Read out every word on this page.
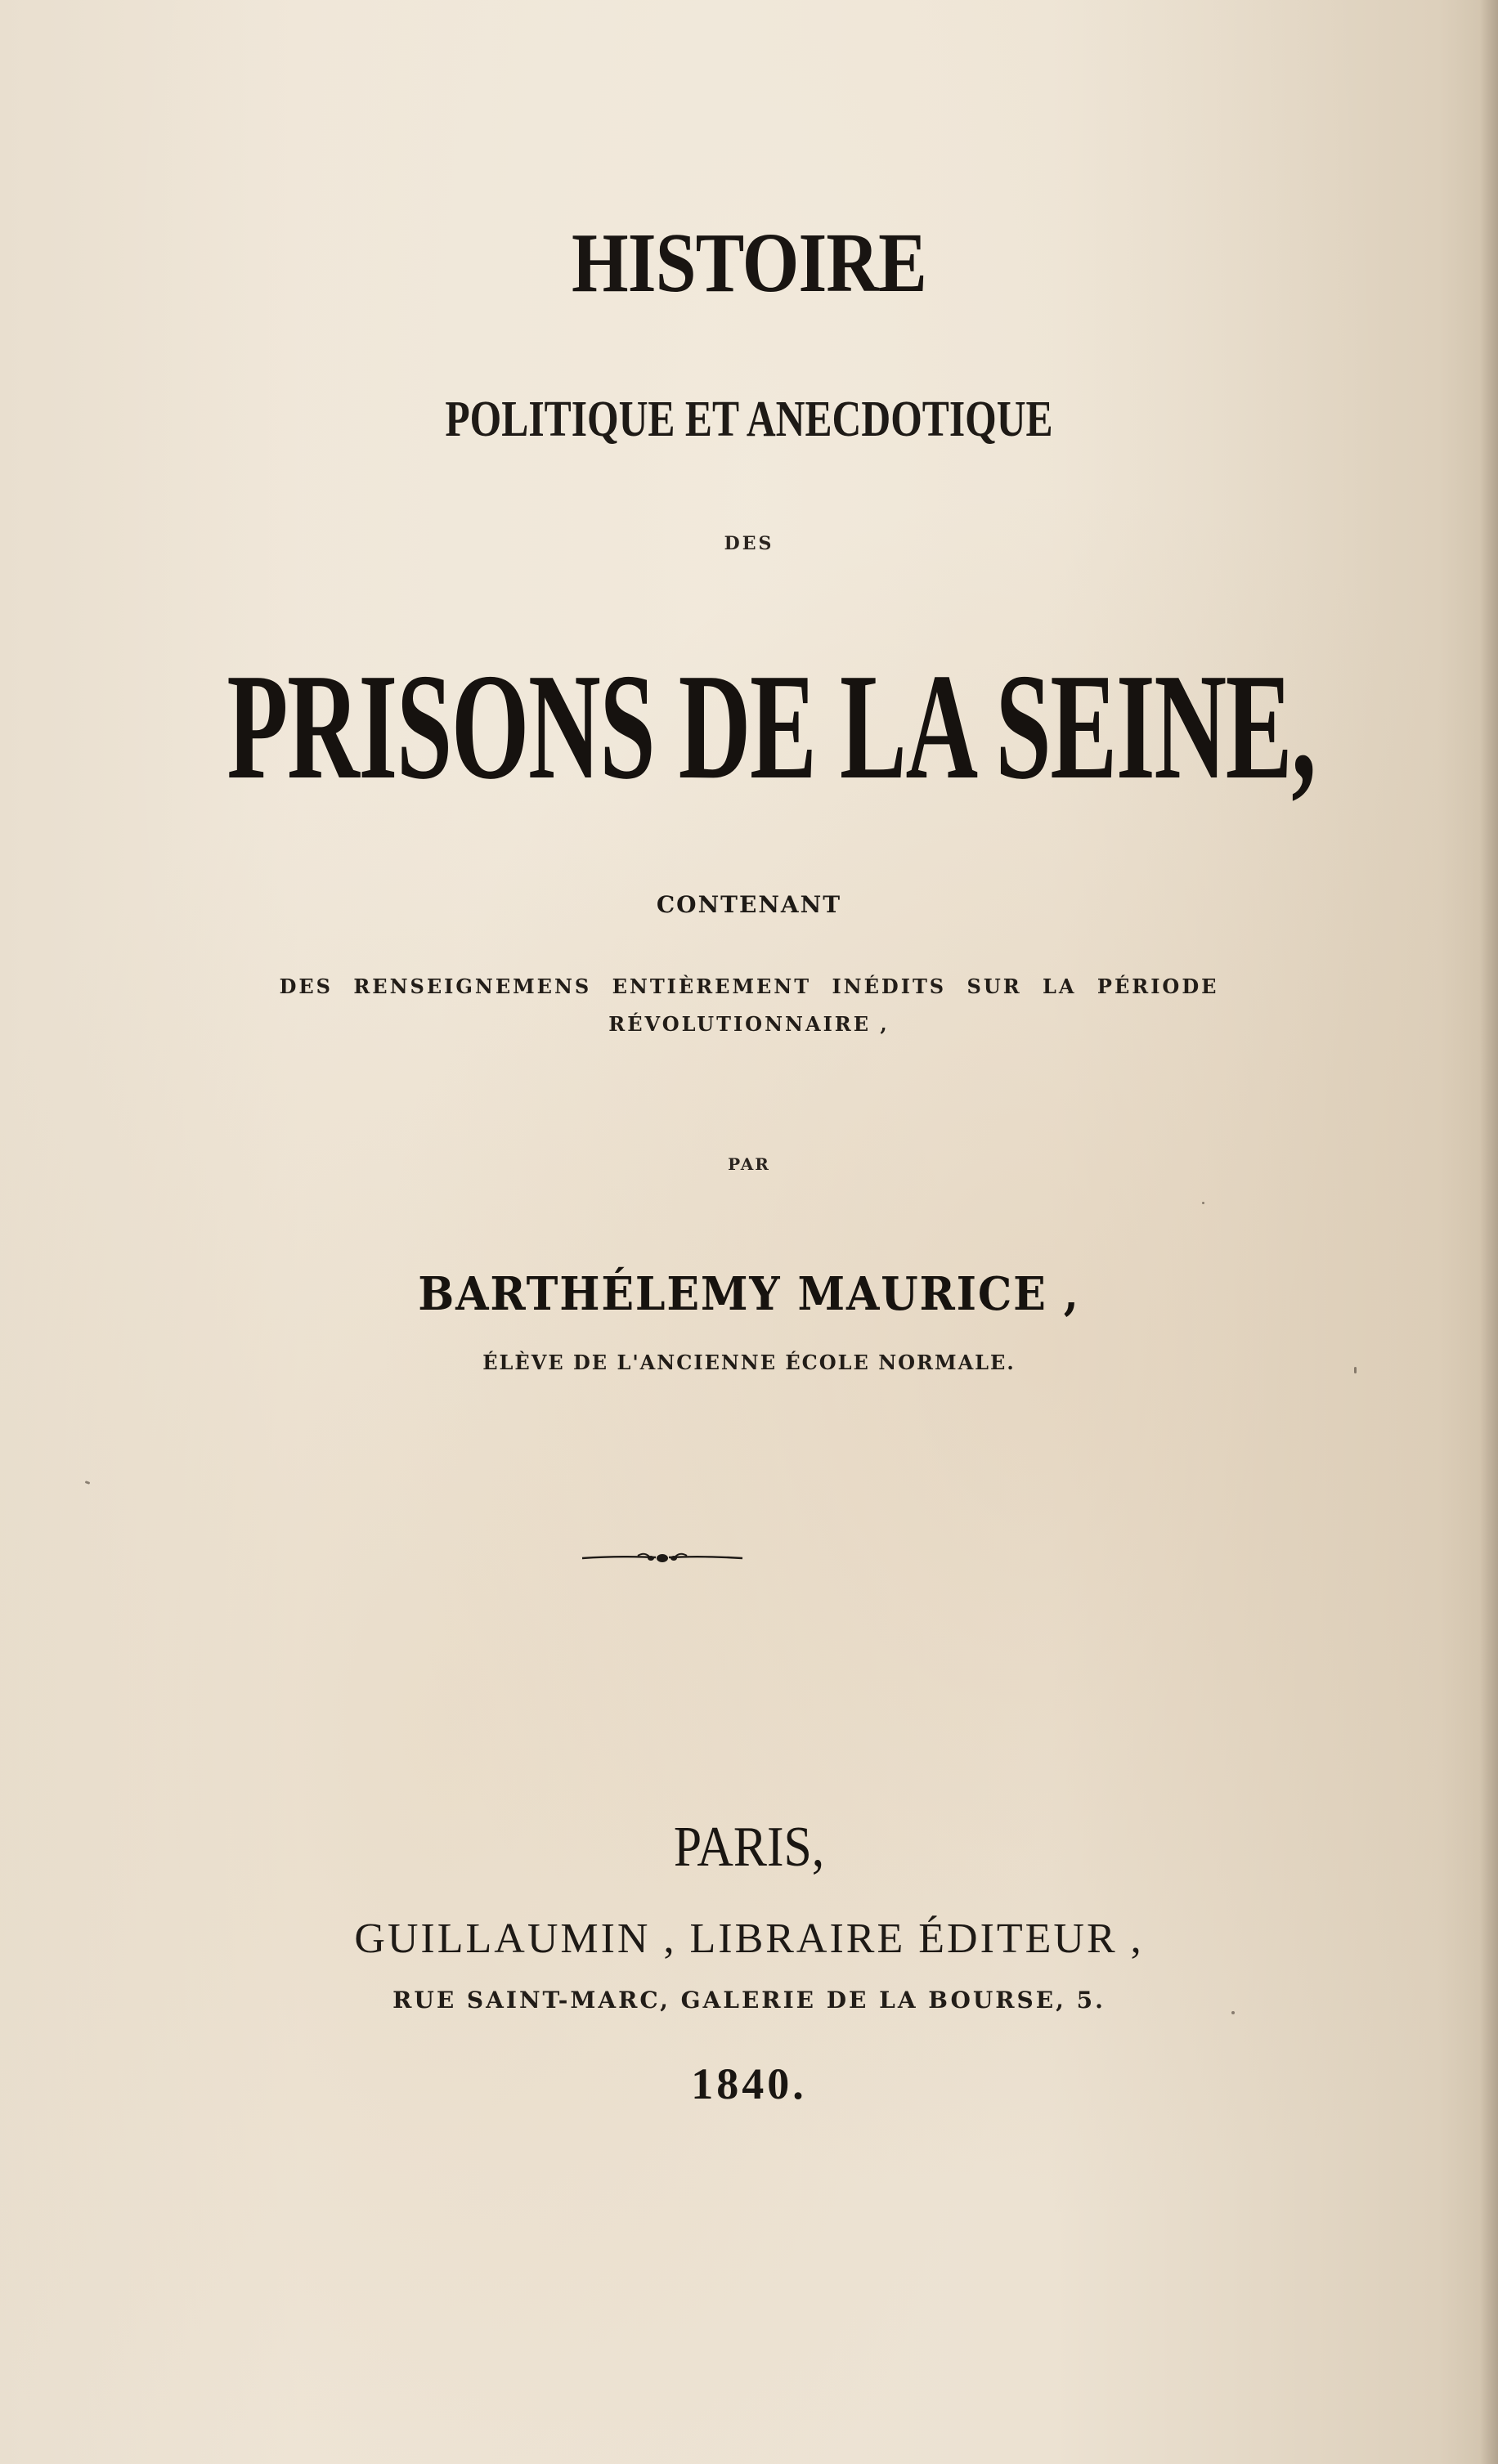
HISTOIRE
POLITIQUE ET ANECDOTIQUE
DES
PRISONS DE LA SEINE,
CONTENANT
DES RENSEIGNEMENS ENTIÈREMENT INÉDITS SUR LA PÉRIODE
RÉVOLUTIONNAIRE ,
PAR
BARTHÉLEMY MAURICE ,
ÉLÈVE DE L'ANCIENNE ÉCOLE NORMALE.
PARIS,
GUILLAUMIN , LIBRAIRE ÉDITEUR ,
RUE SAINT-MARC, GALERIE DE LA BOURSE, 5.
1840.
